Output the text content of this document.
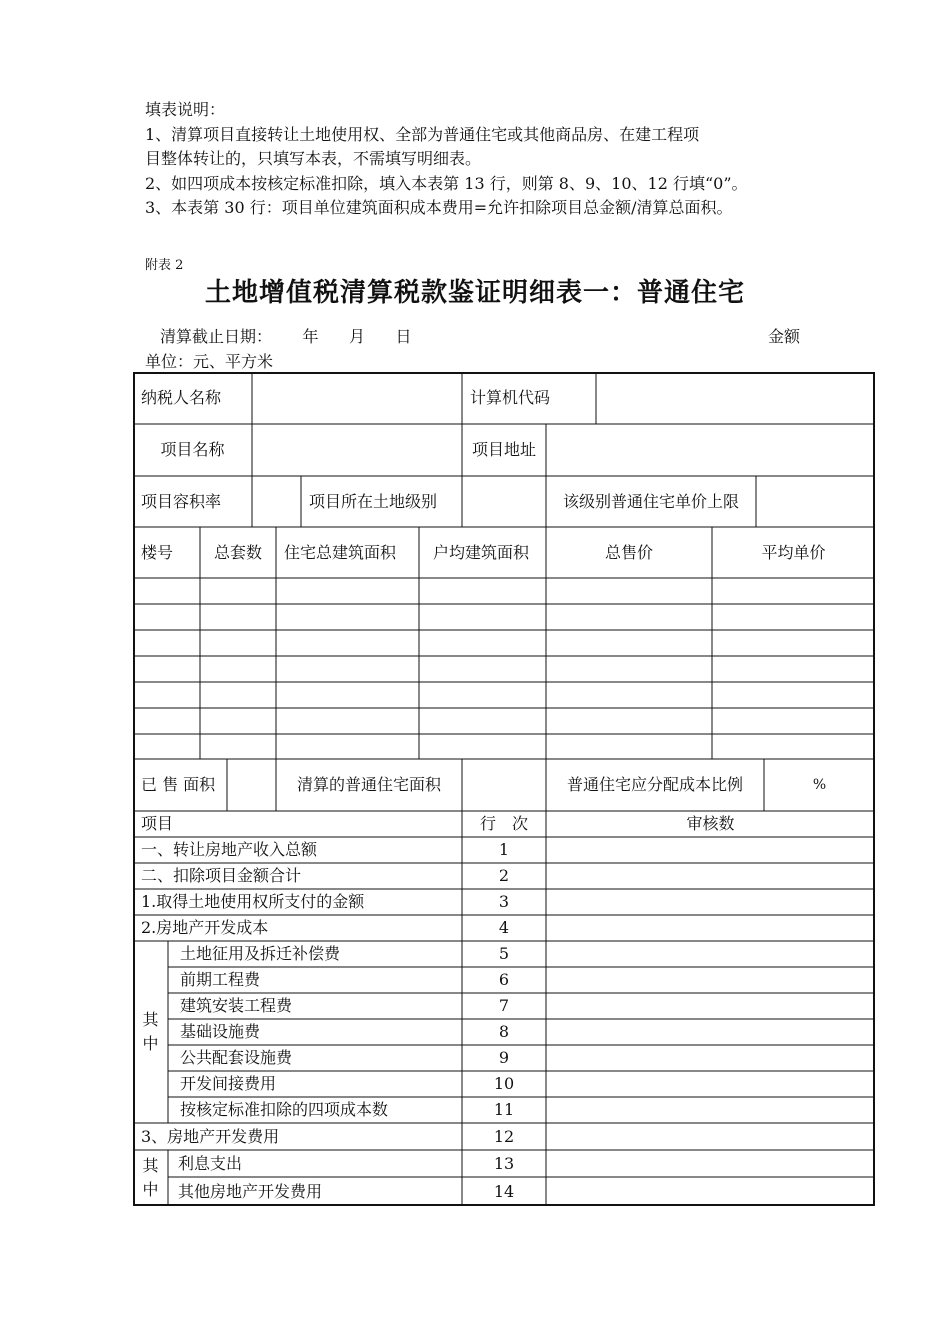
填表说明：

1、清算项目直接转让土地使用权、全部为普通住宅或其他商品房、在建工程项

目整体转让的，只填写本表，不需填写明细表。

2、如四项成本按核定标准扣除，填入本表第 13 行，则第 8、9、10、12 行填“0”。

3、本表第 30 行：项目单位建筑面积成本费用=允许扣除项目总金额/清算总面积。

附表 2
土地增值税清算税款鉴证明细表一：普通住宅
清算截止日期：      年      月      日	金额
单位：元、平方米
纳税人名称	计算机代码
项目名称	项目地址
项目容积率	项目所在土地级别	该级别普通住宅单价上限
楼号	总套数	住宅总建筑面积	户均建筑面积	总售价	平均单价
已 售 面积	清算的普通住宅面积	普通住宅应分配成本比例	%
项目	行　次	审核数
一、转让房地产收入总额	1
二、扣除项目金额合计	2
1.取得土地使用权所支付的金额	3
2.房地产开发成本	4
其中
土地征用及拆迁补偿费	5
前期工程费	6
建筑安装工程费	7
基础设施费	8
公共配套设施费	9
开发间接费用	10
按核定标准扣除的四项成本数	11
3、房地产开发费用	12
其中
利息支出	13
其他房地产开发费用	14
